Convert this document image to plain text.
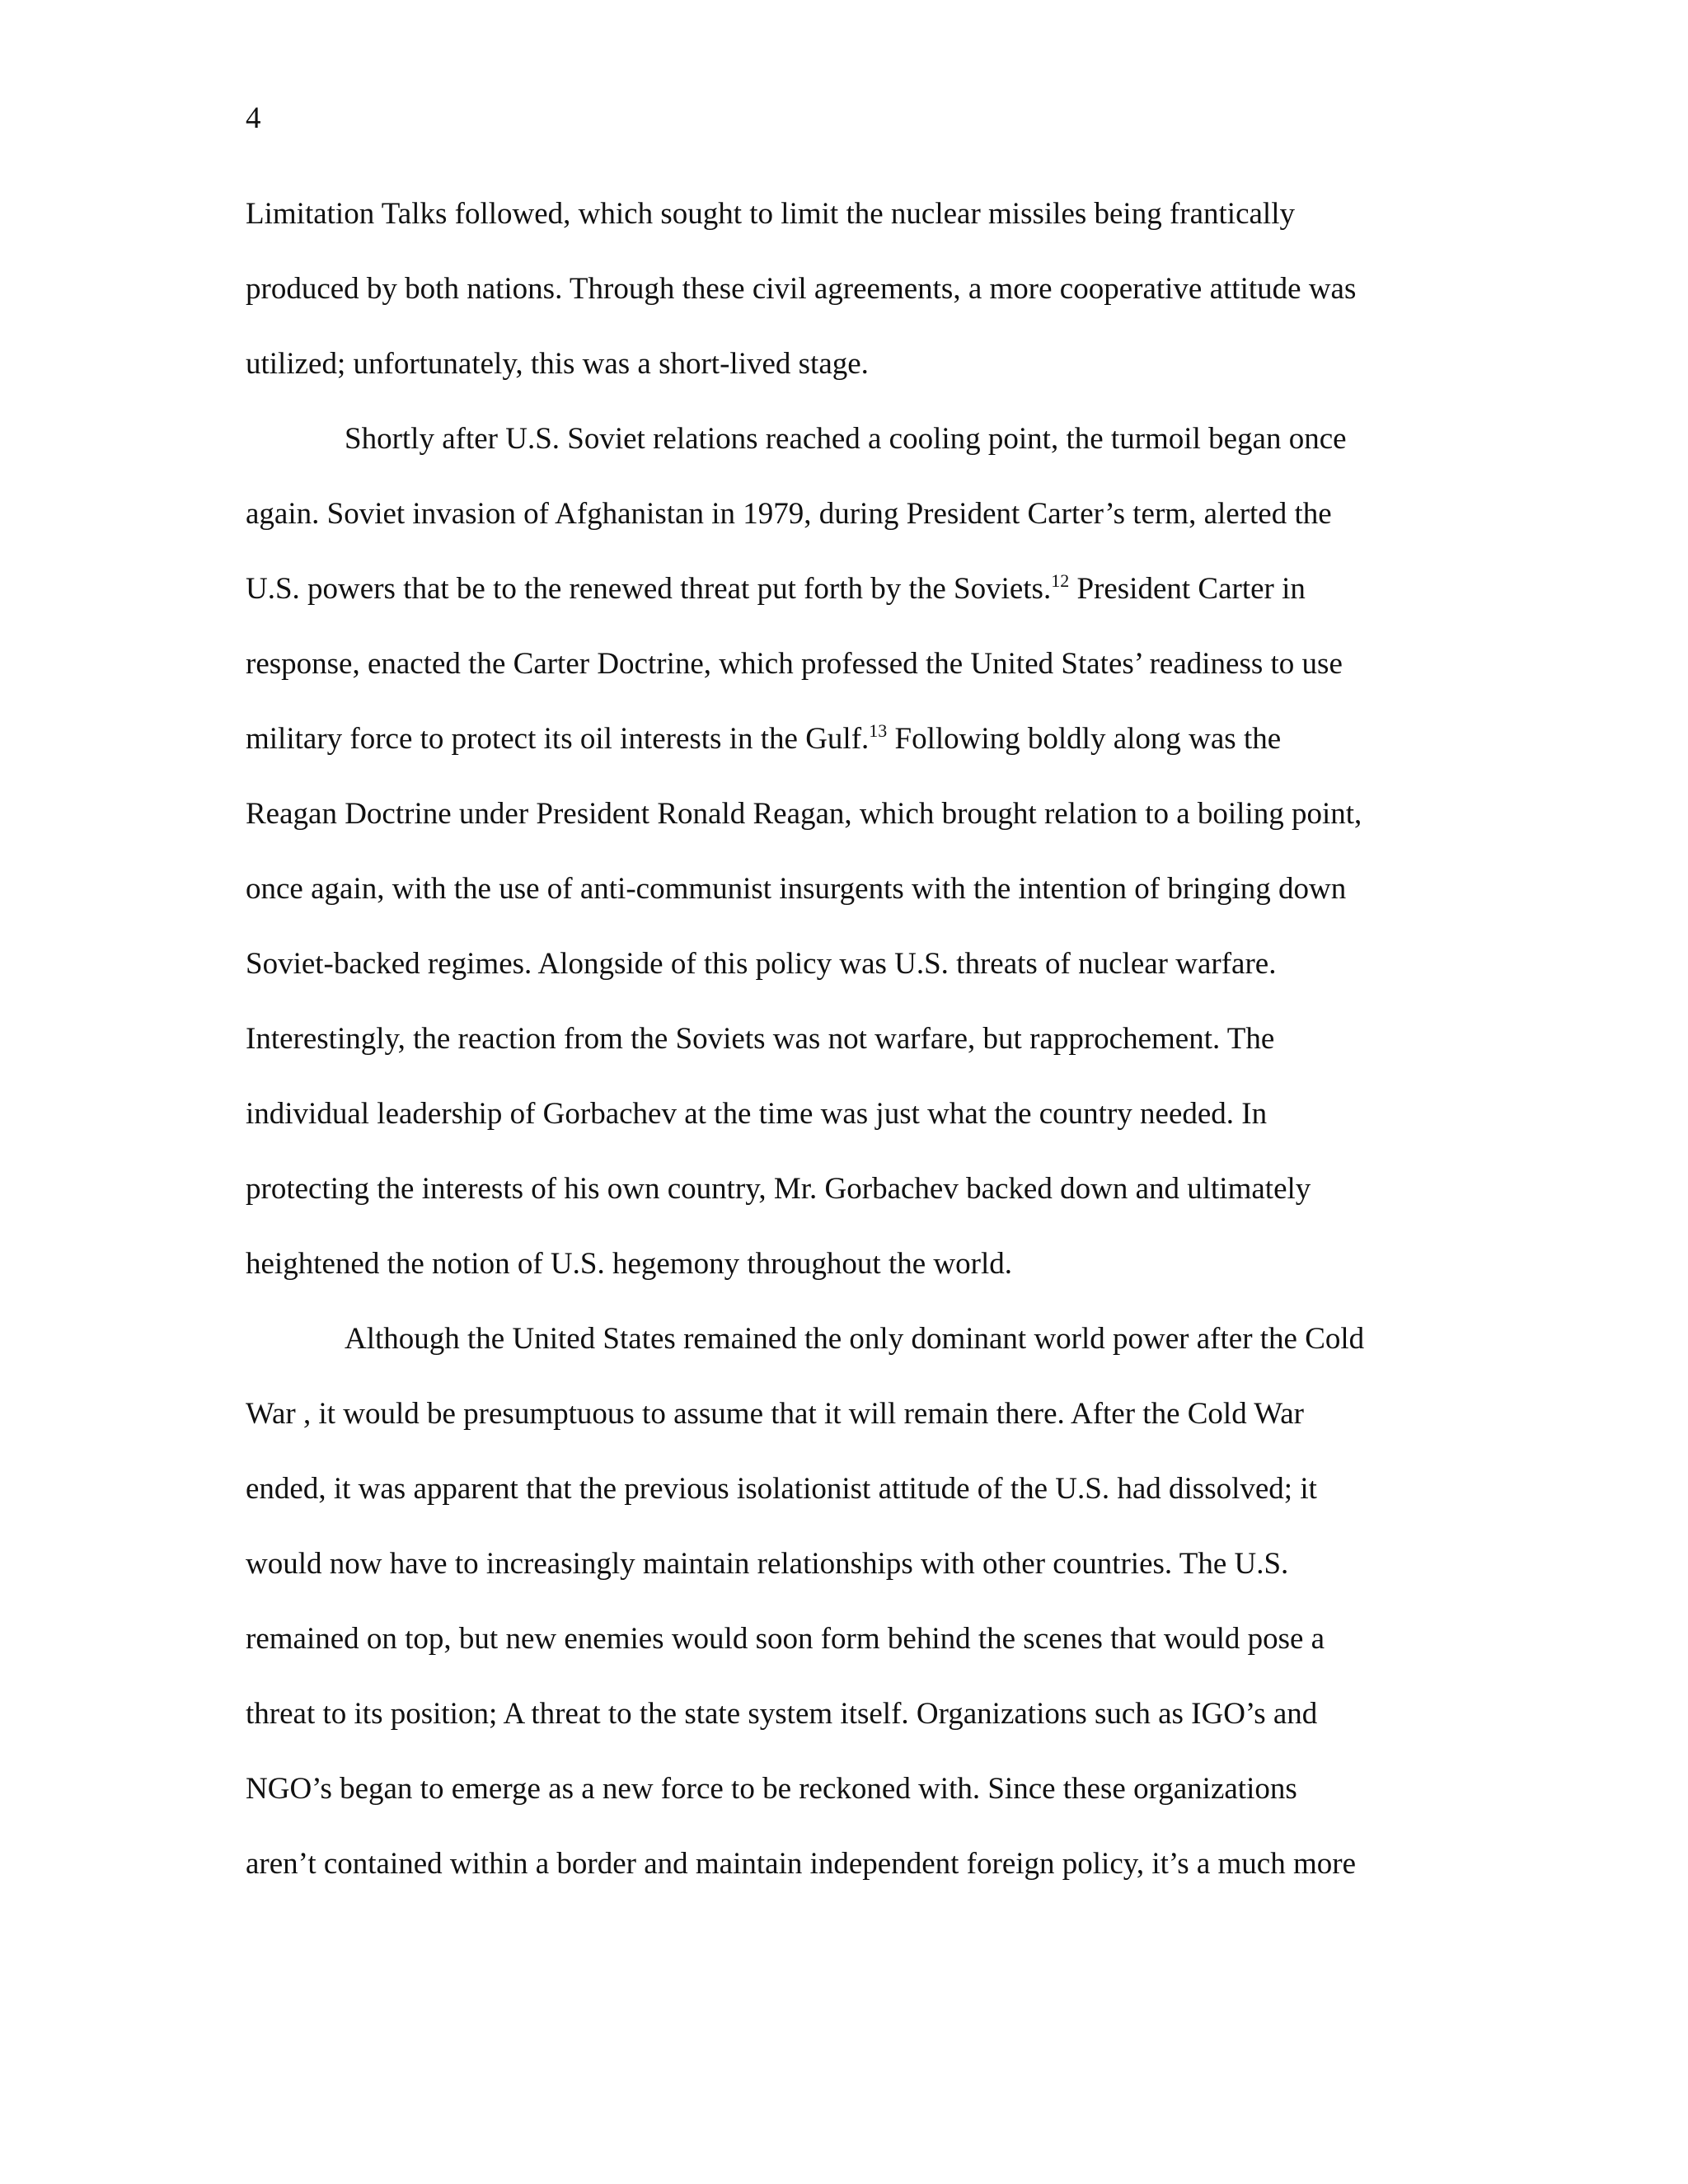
4

Limitation Talks followed, which sought to limit the nuclear missiles being frantically

produced by both nations. Through these civil agreements, a more cooperative attitude was

utilized; unfortunately, this was a short-lived stage.

Shortly after U.S. Soviet relations reached a cooling point, the turmoil began once

again. Soviet invasion of Afghanistan in 1979, during President Carter’s term, alerted the

U.S. powers that be to the renewed threat put forth by the Soviets.$^{12}$ President Carter in

response, enacted the Carter Doctrine, which professed the United States’ readiness to use

military force to protect its oil interests in the Gulf.$^{13}$ Following boldly along was the

Reagan Doctrine under President Ronald Reagan, which brought relation to a boiling point,

once again, with the use of anti-communist insurgents with the intention of bringing down

Soviet-backed regimes. Alongside of this policy was U.S. threats of nuclear warfare.

Interestingly, the reaction from the Soviets was not warfare, but rapprochement. The

individual leadership of Gorbachev at the time was just what the country needed. In

protecting the interests of his own country, Mr. Gorbachev backed down and ultimately

heightened the notion of U.S. hegemony throughout the world.

Although the United States remained the only dominant world power after the Cold

War , it would be presumptuous to assume that it will remain there. After the Cold War

ended, it was apparent that the previous isolationist attitude of the U.S. had dissolved; it

would now have to increasingly maintain relationships with other countries. The U.S.

remained on top, but new enemies would soon form behind the scenes that would pose a

threat to its position; A threat to the state system itself. Organizations such as IGO’s and

NGO’s began to emerge as a new force to be reckoned with. Since these organizations

aren’t contained within a border and maintain independent foreign policy, it’s a much more
